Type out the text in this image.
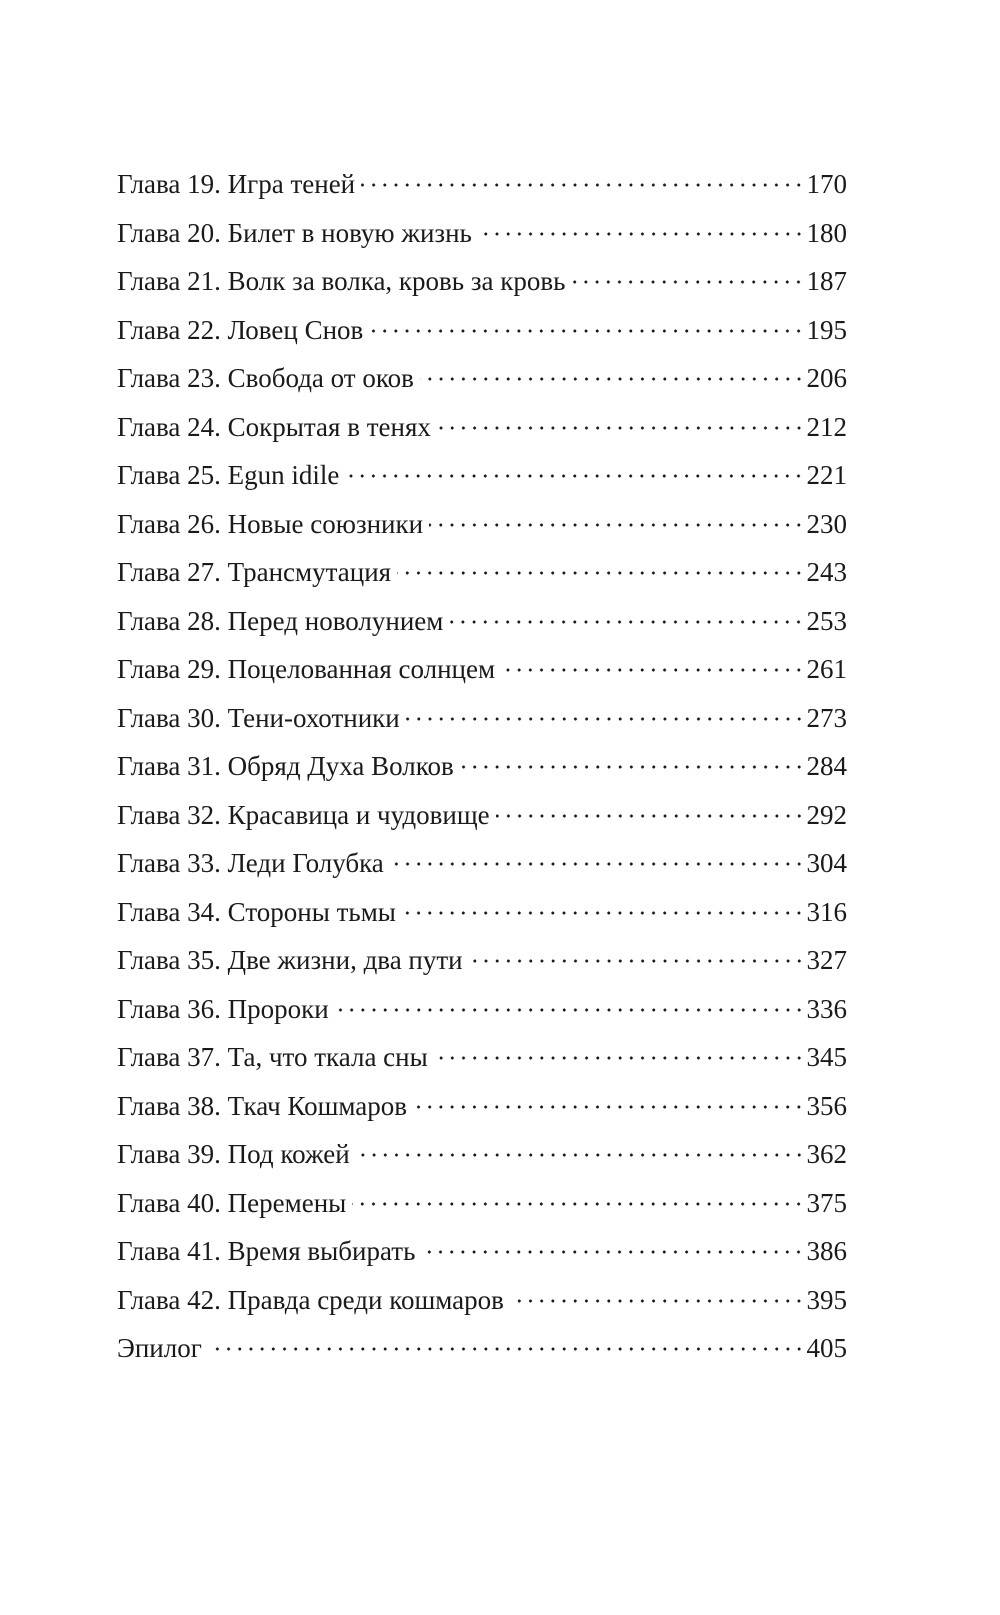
Глава 19. Игра теней	170
Глава 20. Билет в новую жизнь	180
Глава 21. Волк за волка, кровь за кровь	187
Глава 22. Ловец Снов	195
Глава 23. Свобода от оков	206
Глава 24. Сокрытая в тенях	212
Глава 25. Egun idile	221
Глава 26. Новые союзники	230
Глава 27. Трансмутация	243
Глава 28. Перед новолунием	253
Глава 29. Поцелованная солнцем	261
Глава 30. Тени-охотники	273
Глава 31. Обряд Духа Волков	284
Глава 32. Красавица и чудовище	292
Глава 33. Леди Голубка	304
Глава 34. Стороны тьмы	316
Глава 35. Две жизни, два пути	327
Глава 36. Пророки	336
Глава 37. Та, что ткала сны	345
Глава 38. Ткач Кошмаров	356
Глава 39. Под кожей	362
Глава 40. Перемены	375
Глава 41. Время выбирать	386
Глава 42. Правда среди кошмаров	395
Эпилог	405
